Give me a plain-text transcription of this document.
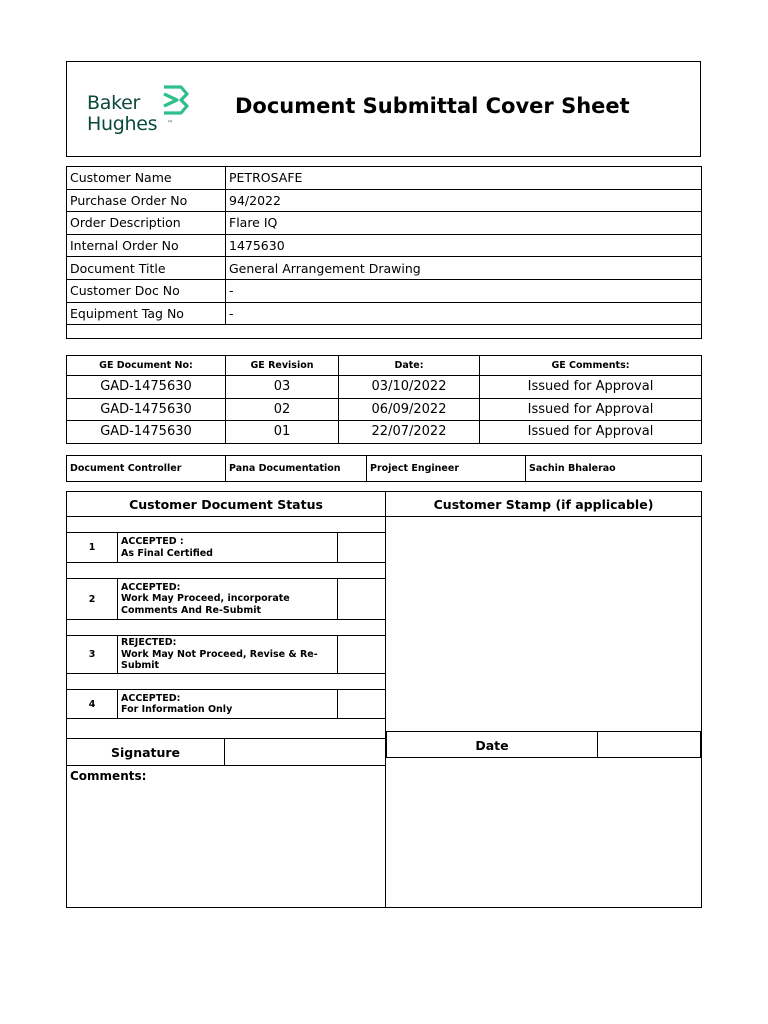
Baker
Hughes ™
Document Submittal Cover Sheet
Customer Name	PETROSAFE
Purchase Order No	94/2022
Order Description	Flare IQ
Internal Order No	1475630
Document Title	General Arrangement Drawing
Customer Doc No	-
Equipment Tag No	-

GE Document No:	GE Revision	Date:	GE Comments:
GAD-1475630	03	03/10/2022	Issued for Approval
GAD-1475630	02	06/09/2022	Issued for Approval
GAD-1475630	01	22/07/2022	Issued for Approval
Document Controller	Pana Documentation	Project Engineer	Sachin Bhalerao
Customer Document Status				Customer Stamp (if applicable)

1	ACCEPTED :
As Final Certified			

2	ACCEPTED:
Work May Proceed, incorporate Comments And Re-Submit			

3	REJECTED:
Work May Not Proceed, Revise & Re-Submit			

4	ACCEPTED:
For Information Only			

Signature				
Comments:				
Date
